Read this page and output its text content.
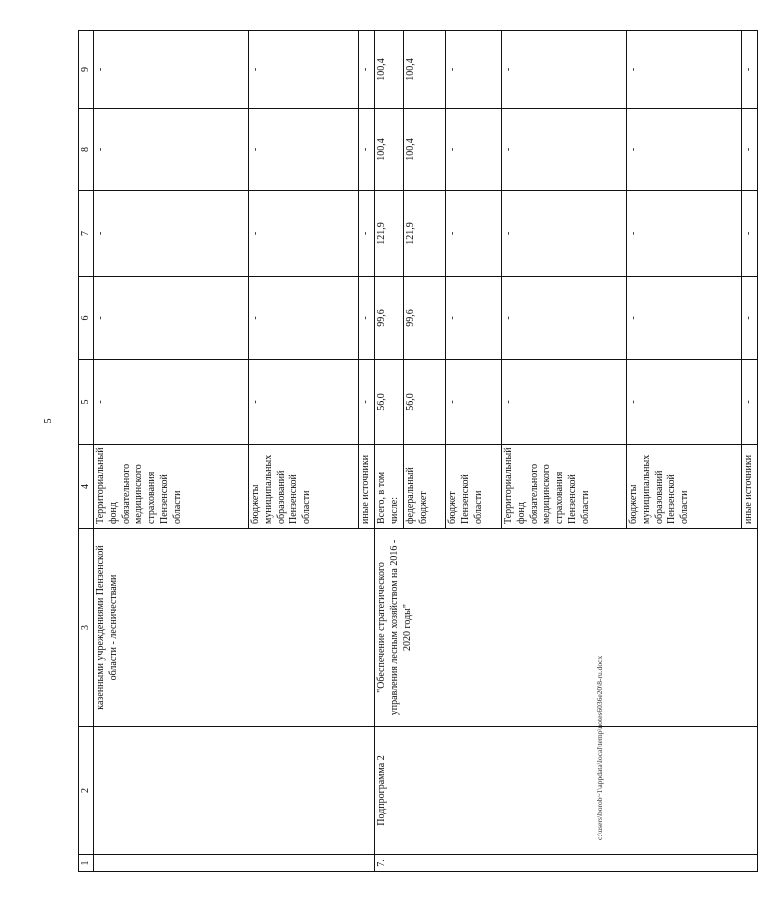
5
1	2	3	4	5	6	7	8	9
		казенными учреждениями Пензенской области - лесничествами	Территориальный фонд обязательного медицинского страхования Пензенской области	-	-	-	-	-
			бюджеты муниципальных образований Пензенской области	-	-	-	-	-
			иные источники	-	-	-	-	-
7.	Подпрограмма 2	"Обеспечение стратегического управления лесным хозяйством на 2016 - 2020 годы"	Всего, в том числе:	56,0	99,6	121,9	100,4	100,4
			федеральный бюджет	56,0	99,6	121,9	100,4	100,4
			бюджет Пензенской области	-	-	-	-	-
			Территориальный фонд обязательного медицинского страхования Пензенской области	-	-	-	-	-
			бюджеты муниципальных образований Пензенской области	-	-	-	-	-
			иные источники	-	-	-	-	-
c:\users\borob~1\appdata\local\temp\notes6036e20\8-ru.docx
